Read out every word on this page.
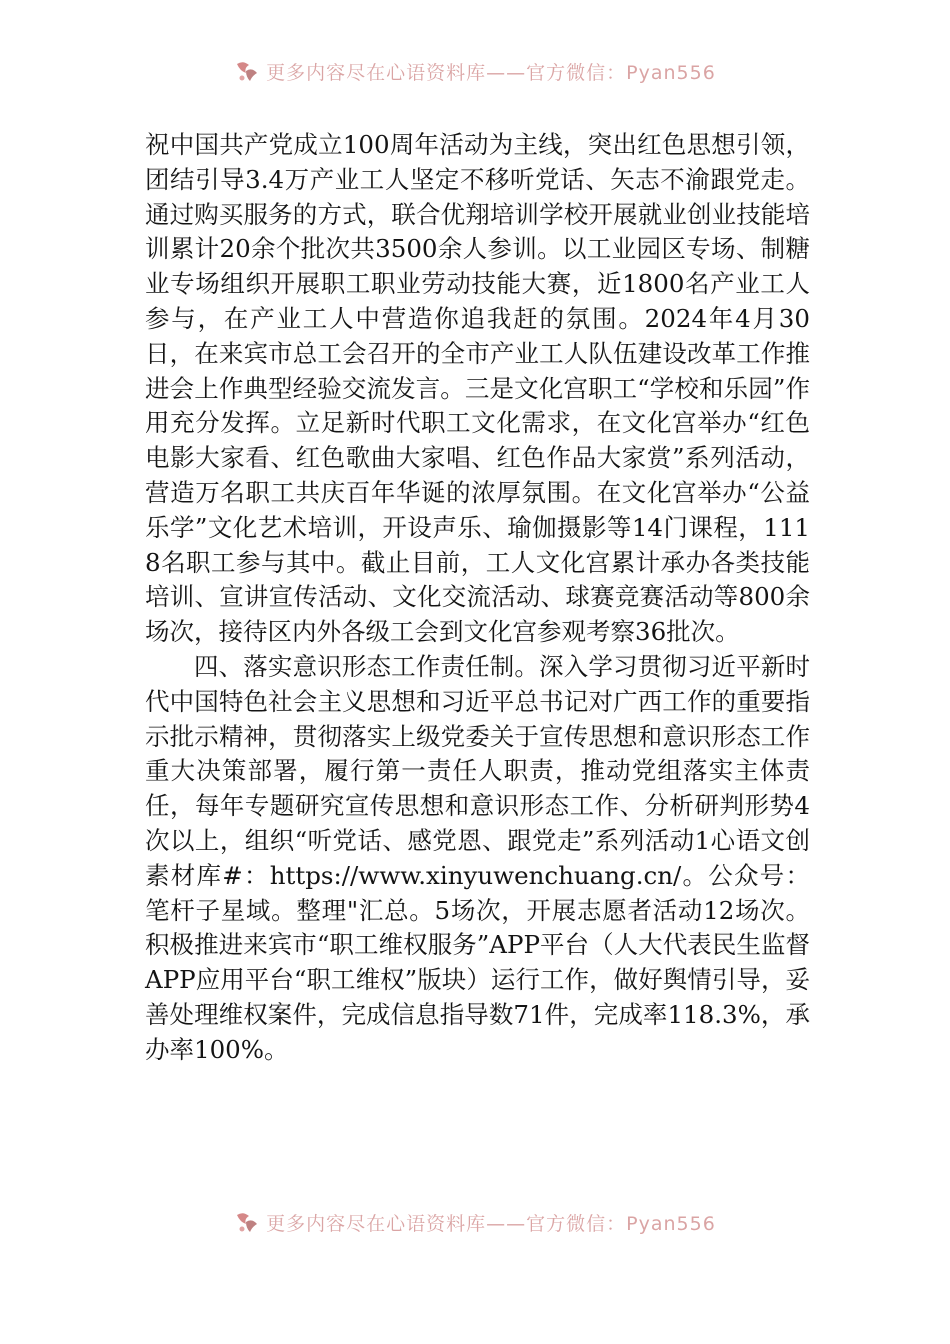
更多内容尽在心语资料库——官方微信：Pyan556

祝中国共产党成立100周年活动为主线，突出红色思想引领，团结引导3.4万产业工人坚定不移听党话、矢志不渝跟党走。通过购买服务的方式，联合优翔培训学校开展就业创业技能培训累计20余个批次共3500余人参训。以工业园区专场、制糖业专场组织开展职工职业劳动技能大赛，近1800名产业工人参与，在产业工人中营造你追我赶的氛围。2024年4月30日，在来宾市总工会召开的全市产业工人队伍建设改革工作推进会上作典型经验交流发言。三是文化宫职工“学校和乐园”作用充分发挥。立足新时代职工文化需求，在文化宫举办“红色电影大家看、红色歌曲大家唱、红色作品大家赏”系列活动，营造万名职工共庆百年华诞的浓厚氛围。在文化宫举办“公益乐学”文化艺术培训，开设声乐、瑜伽摄影等14门课程，1118名职工参与其中。截止目前，工人文化宫累计承办各类技能培训、宣讲宣传活动、文化交流活动、球赛竞赛活动等800余场次，接待区内外各级工会到文化宫参观考察36批次。

四、落实意识形态工作责任制。深入学习贯彻习近平新时代中国特色社会主义思想和习近平总书记对广西工作的重要指示批示精神，贯彻落实上级党委关于宣传思想和意识形态工作重大决策部署，履行第一责任人职责，推动党组落实主体责任，每年专题研究宣传思想和意识形态工作、分析研判形势4次以上，组织“听党话、感党恩、跟党走”系列活动1心语文创素材库#：https://www.xinyuwenchuang.cn/。公众号：笔杆子星域。整理"汇总。5场次，开展志愿者活动12场次。积极推进来宾市“职工维权服务”APP平台（人大代表民生监督APP应用平台“职工维权”版块）运行工作，做好舆情引导，妥善处理维权案件，完成信息指导数71件，完成率118.3%，承办率100%。

更多内容尽在心语资料库——官方微信：Pyan556
